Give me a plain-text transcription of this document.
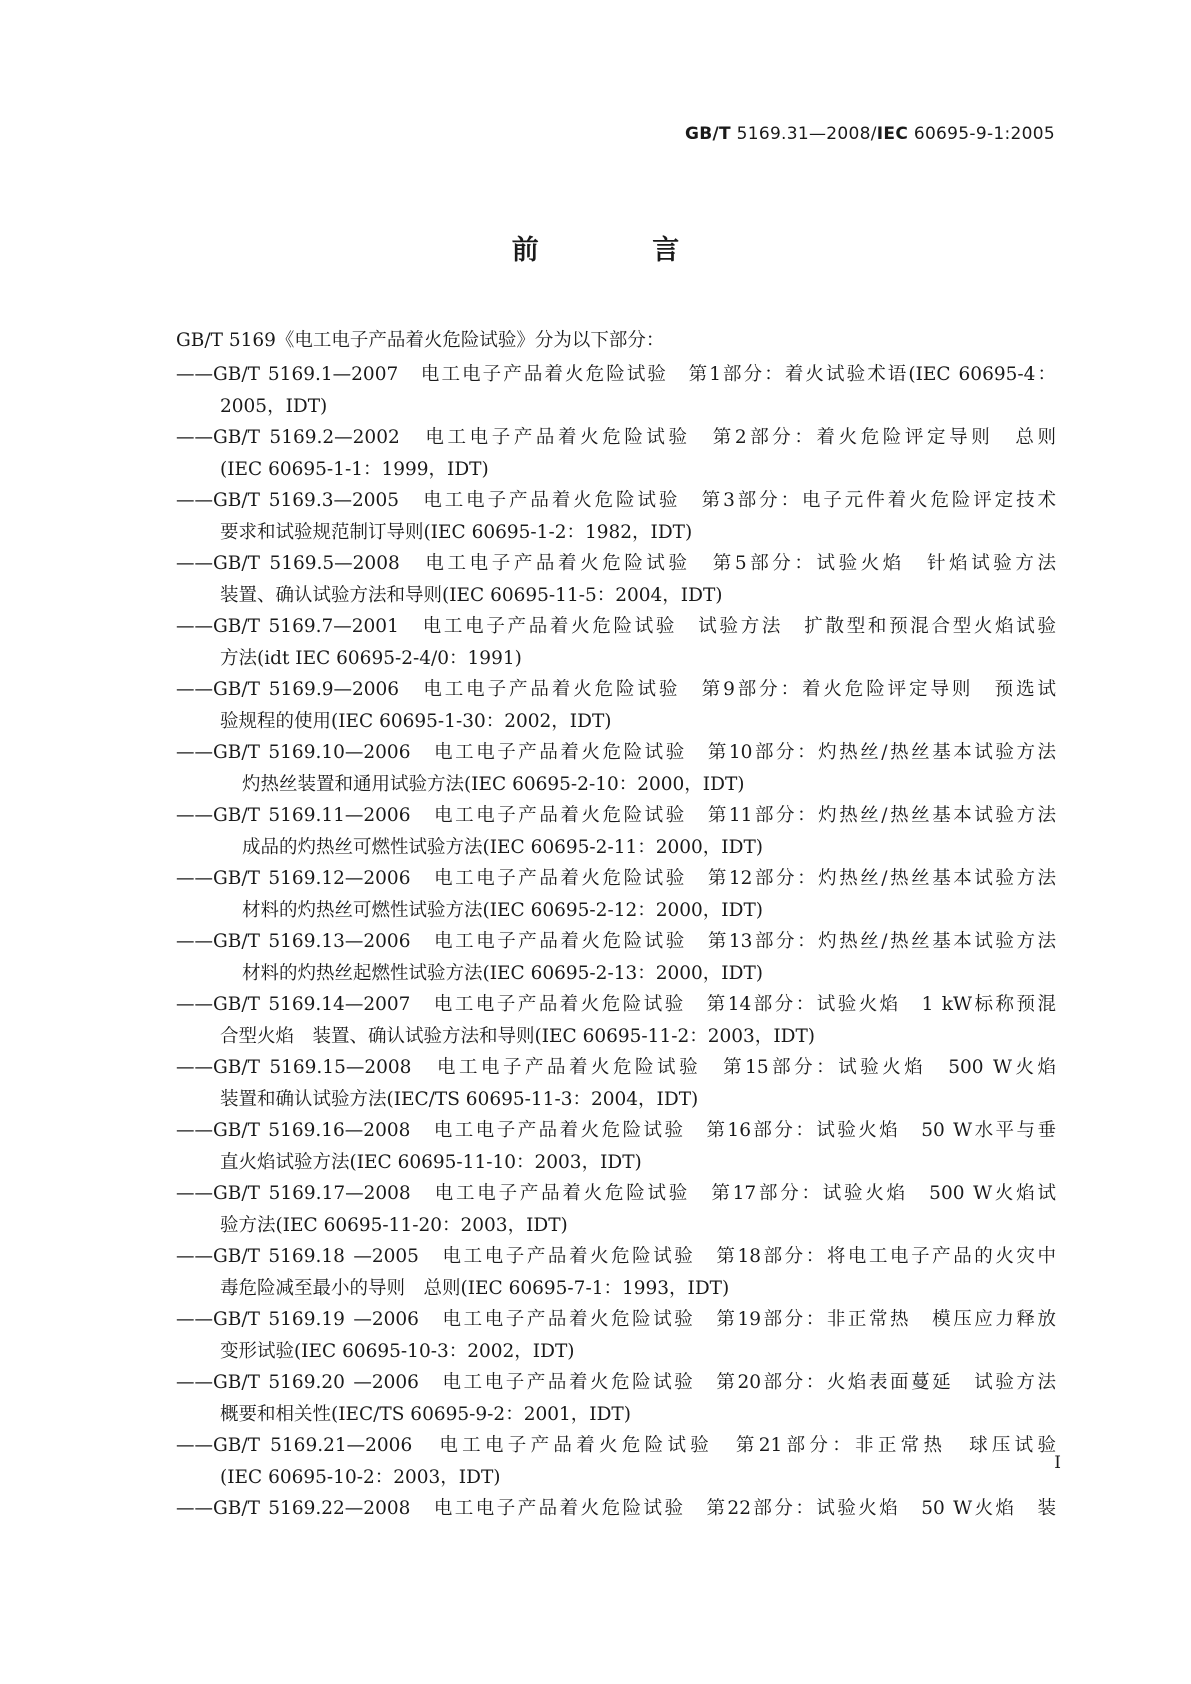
GB/T 5169.31—2008/IEC 60695-9-1:2005
前 言
GB/T 5169《电工电子产品着火危险试验》分为以下部分：
——GB/T 5169.1—2007　电工电子产品着火危险试验　第1部分：着火试验术语(IEC 60695-4：
2005，IDT)
——GB/T 5169.2—2002　电工电子产品着火危险试验　第2部分：着火危险评定导则　总则
(IEC 60695-1-1：1999，IDT)
——GB/T 5169.3—2005　电工电子产品着火危险试验　第3部分：电子元件着火危险评定技术
要求和试验规范制订导则(IEC 60695-1-2：1982，IDT)
——GB/T 5169.5—2008　电工电子产品着火危险试验　第5部分：试验火焰　针焰试验方法
装置、确认试验方法和导则(IEC 60695-11-5：2004，IDT)
——GB/T 5169.7—2001　电工电子产品着火危险试验　试验方法　扩散型和预混合型火焰试验
方法(idt IEC 60695-2-4/0：1991)
——GB/T 5169.9—2006　电工电子产品着火危险试验　第9部分：着火危险评定导则　预选试
验规程的使用(IEC 60695-1-30：2002，IDT)
——GB/T 5169.10—2006　电工电子产品着火危险试验　第10部分：灼热丝/热丝基本试验方法
灼热丝装置和通用试验方法(IEC 60695-2-10：2000，IDT)
——GB/T 5169.11—2006　电工电子产品着火危险试验　第11部分：灼热丝/热丝基本试验方法
成品的灼热丝可燃性试验方法(IEC 60695-2-11：2000，IDT)
——GB/T 5169.12—2006　电工电子产品着火危险试验　第12部分：灼热丝/热丝基本试验方法
材料的灼热丝可燃性试验方法(IEC 60695-2-12：2000，IDT)
——GB/T 5169.13—2006　电工电子产品着火危险试验　第13部分：灼热丝/热丝基本试验方法
材料的灼热丝起燃性试验方法(IEC 60695-2-13：2000，IDT)
——GB/T 5169.14—2007　电工电子产品着火危险试验　第14部分：试验火焰　1 kW标称预混
合型火焰　装置、确认试验方法和导则(IEC 60695-11-2：2003，IDT)
——GB/T 5169.15—2008　电工电子产品着火危险试验　第15部分：试验火焰　500 W火焰
装置和确认试验方法(IEC/TS 60695-11-3：2004，IDT)
——GB/T 5169.16—2008　电工电子产品着火危险试验　第16部分：试验火焰　50 W水平与垂
直火焰试验方法(IEC 60695-11-10：2003，IDT)
——GB/T 5169.17—2008　电工电子产品着火危险试验　第17部分：试验火焰　500 W火焰试
验方法(IEC 60695-11-20：2003，IDT)
——GB/T 5169.18 —2005　电工电子产品着火危险试验　第18部分：将电工电子产品的火灾中
毒危险减至最小的导则　总则(IEC 60695-7-1：1993，IDT)
——GB/T 5169.19 —2006　电工电子产品着火危险试验　第19部分：非正常热　模压应力释放
变形试验(IEC 60695-10-3：2002，IDT)
——GB/T 5169.20 —2006　电工电子产品着火危险试验　第20部分：火焰表面蔓延　试验方法
概要和相关性(IEC/TS 60695-9-2：2001，IDT)
——GB/T 5169.21—2006　电工电子产品着火危险试验　第21部分：非正常热　球压试验
(IEC 60695-10-2：2003，IDT)
——GB/T 5169.22—2008　电工电子产品着火危险试验　第22部分：试验火焰　50 W火焰　装
I
